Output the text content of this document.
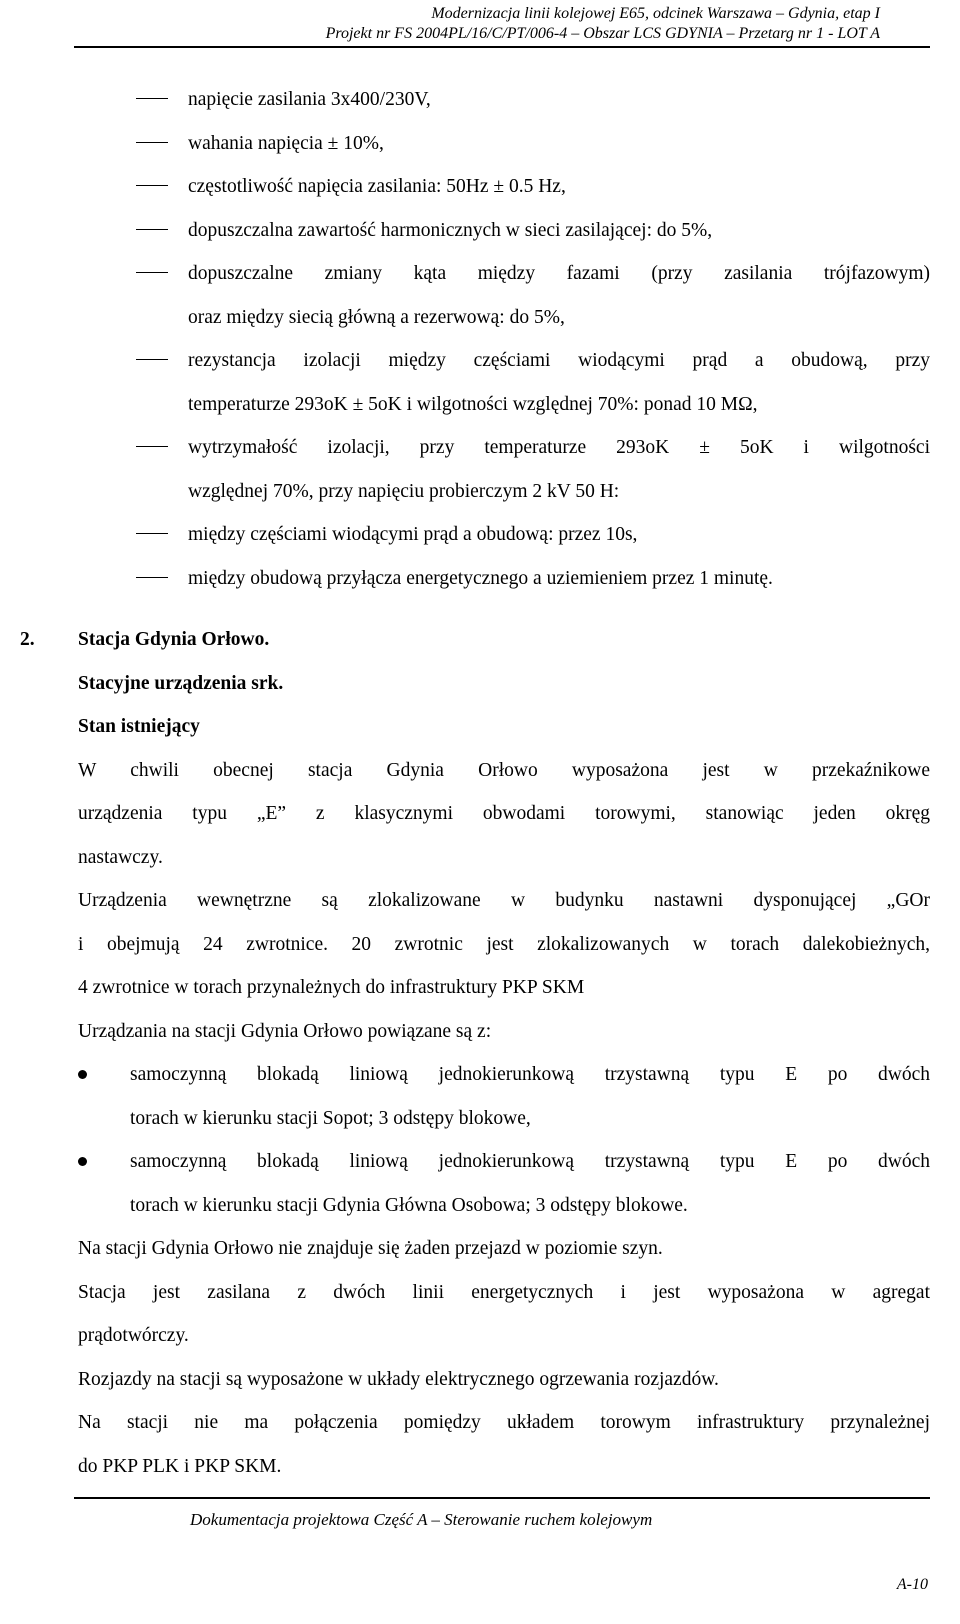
Modernizacja linii kolejowej E65, odcinek Warszawa – Gdynia, etap I
Projekt nr FS 2004PL/16/C/PT/006-4 – Obszar LCS GDYNIA – Przetarg nr 1 - LOT A
napięcie zasilania 3x400/230V,
wahania napięcia ± 10%,
częstotliwość napięcia zasilania: 50Hz ± 0.5 Hz,
dopuszczalna zawartość harmonicznych w sieci zasilającej: do 5%,
dopuszczalne zmiany kąta między fazami (przy zasilania trójfazowym)
oraz między siecią główną a rezerwową: do 5%,
rezystancja izolacji między częściami wiodącymi prąd a obudową, przy
temperaturze 293oK ± 5oK i wilgotności względnej 70%: ponad 10 MΩ,
wytrzymałość izolacji, przy temperaturze 293oK ± 5oK i wilgotności
względnej 70%, przy napięciu probierczym 2 kV 50 H:
między częściami wiodącymi prąd a obudową: przez 10s,
między obudową przyłącza energetycznego a uziemieniem przez 1 minutę.
2. Stacja Gdynia Orłowo.
Stacyjne urządzenia srk.
Stan istniejący
W chwili obecnej stacja Gdynia Orłowo wyposażona jest w przekaźnikowe
urządzenia typu „E” z klasycznymi obwodami torowymi, stanowiąc jeden okręg
nastawczy.
Urządzenia wewnętrzne są zlokalizowane w budynku nastawni dysponującej „GOr
i obejmują 24 zwrotnice. 20 zwrotnic jest zlokalizowanych w torach dalekobieżnych,
4 zwrotnice w torach przynależnych do infrastruktury PKP SKM
Urządzania na stacji Gdynia Orłowo powiązane są z:
samoczynną blokadą liniową jednokierunkową trzystawną typu E po dwóch
torach w kierunku stacji Sopot; 3 odstępy blokowe,
samoczynną blokadą liniową jednokierunkową trzystawną typu E po dwóch
torach w kierunku stacji Gdynia Główna Osobowa; 3 odstępy blokowe.
Na stacji Gdynia Orłowo nie znajduje się żaden przejazd w poziomie szyn.
Stacja jest zasilana z dwóch linii energetycznych i jest wyposażona w agregat
prądotwórczy.
Rozjazdy na stacji są wyposażone w układy elektrycznego ogrzewania rozjazdów.
Na stacji nie ma połączenia pomiędzy układem torowym infrastruktury przynależnej
do PKP PLK i PKP SKM.
Dokumentacja projektowa Część A – Sterowanie ruchem kolejowym
A-10
